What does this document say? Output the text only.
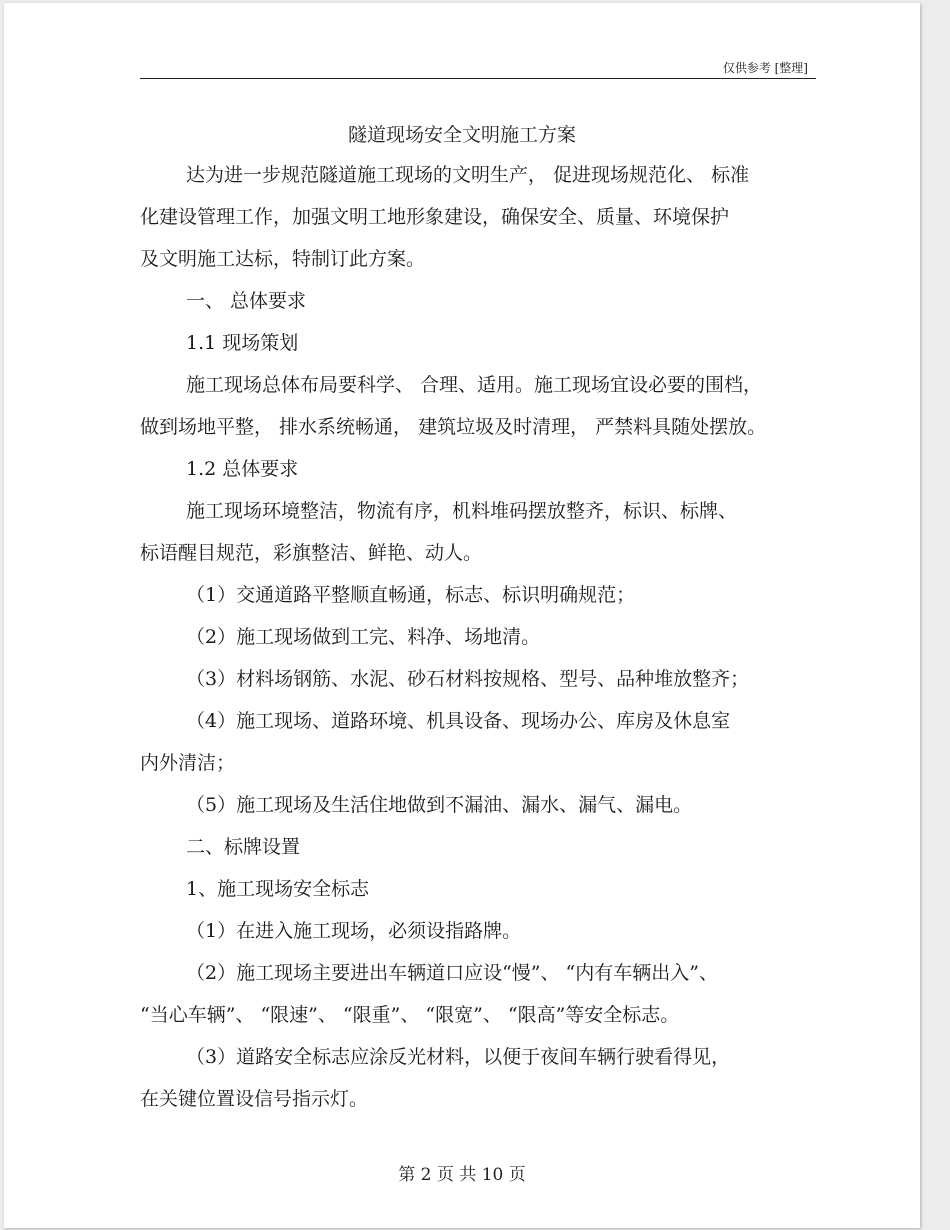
仅供参考 [整理]
隧道现场安全文明施工方案
达为进一步规范隧道施工现场的文明生产， 促进现场规范化、 标准
化建设管理工作，加强文明工地形象建设，确保安全、质量、环境保护
及文明施工达标，特制订此方案。
一、 总体要求
1.1 现场策划
施工现场总体布局要科学、 合理、适用。施工现场宜设必要的围档，
做到场地平整， 排水系统畅通， 建筑垃圾及时清理， 严禁料具随处摆放。
1.2 总体要求
施工现场环境整洁，物流有序，机料堆码摆放整齐，标识、标牌、
标语醒目规范，彩旗整洁、鲜艳、动人。
（1）交通道路平整顺直畅通，标志、标识明确规范；
（2）施工现场做到工完、料净、场地清。
（3）材料场钢筋、水泥、砂石材料按规格、型号、品种堆放整齐；
（4）施工现场、道路环境、机具设备、现场办公、库房及休息室
内外清洁；
（5）施工现场及生活住地做到不漏油、漏水、漏气、漏电。
二、标牌设置
1、施工现场安全标志
（1）在进入施工现场，必须设指路牌。
（2）施工现场主要进出车辆道口应设“慢”、 “内有车辆出入”、
“当心车辆”、 “限速”、 “限重”、 “限宽”、 “限高”等安全标志。
（3）道路安全标志应涂反光材料，以便于夜间车辆行驶看得见，
在关键位置设信号指示灯。
第 2 页 共 10 页
